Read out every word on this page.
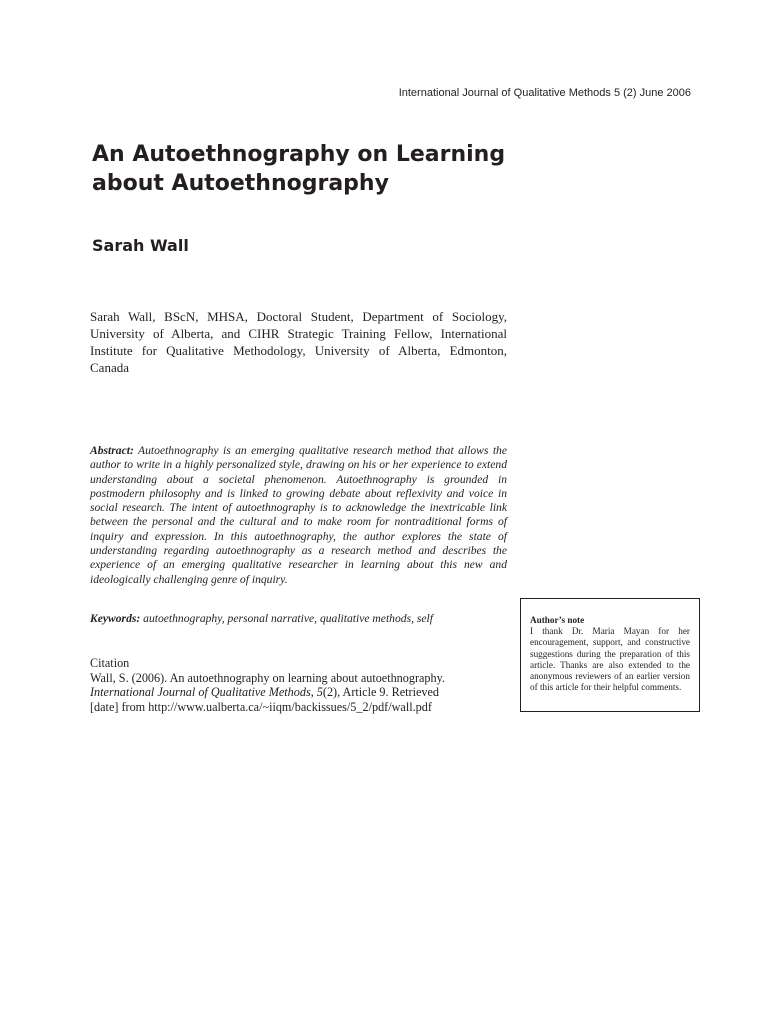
International Journal of Qualitative Methods 5 (2) June 2006
An Autoethnography on Learning about Autoethnography
Sarah Wall
Sarah Wall, BScN, MHSA, Doctoral Student, Department of Sociology, University of Alberta, and CIHR Strategic Training Fellow, International Institute for Qualitative Methodology, University of Alberta, Edmonton, Canada
Abstract: Autoethnography is an emerging qualitative research method that allows the author to write in a highly personalized style, drawing on his or her experience to extend understanding about a societal phenomenon. Autoethnography is grounded in postmodern philosophy and is linked to growing debate about reflexivity and voice in social research. The intent of autoethnography is to acknowledge the inextricable link between the personal and the cultural and to make room for nontraditional forms of inquiry and expression. In this autoethnography, the author explores the state of understanding regarding autoethnography as a research method and describes the experience of an emerging qualitative researcher in learning about this new and ideologically challenging genre of inquiry.
Keywords: autoethnography, personal narrative, qualitative methods, self
Citation
Wall, S. (2006). An autoethnography on learning about autoethnography.
International Journal of Qualitative Methods, 5(2), Article 9. Retrieved
[date] from http://www.ualberta.ca/~iiqm/backissues/5_2/pdf/wall.pdf
Author’s note
I thank Dr. Maria Mayan for her encouragement, support, and constructive suggestions during the preparation of this article. Thanks are also extended to the anonymous reviewers of an earlier version of this article for their helpful comments.
